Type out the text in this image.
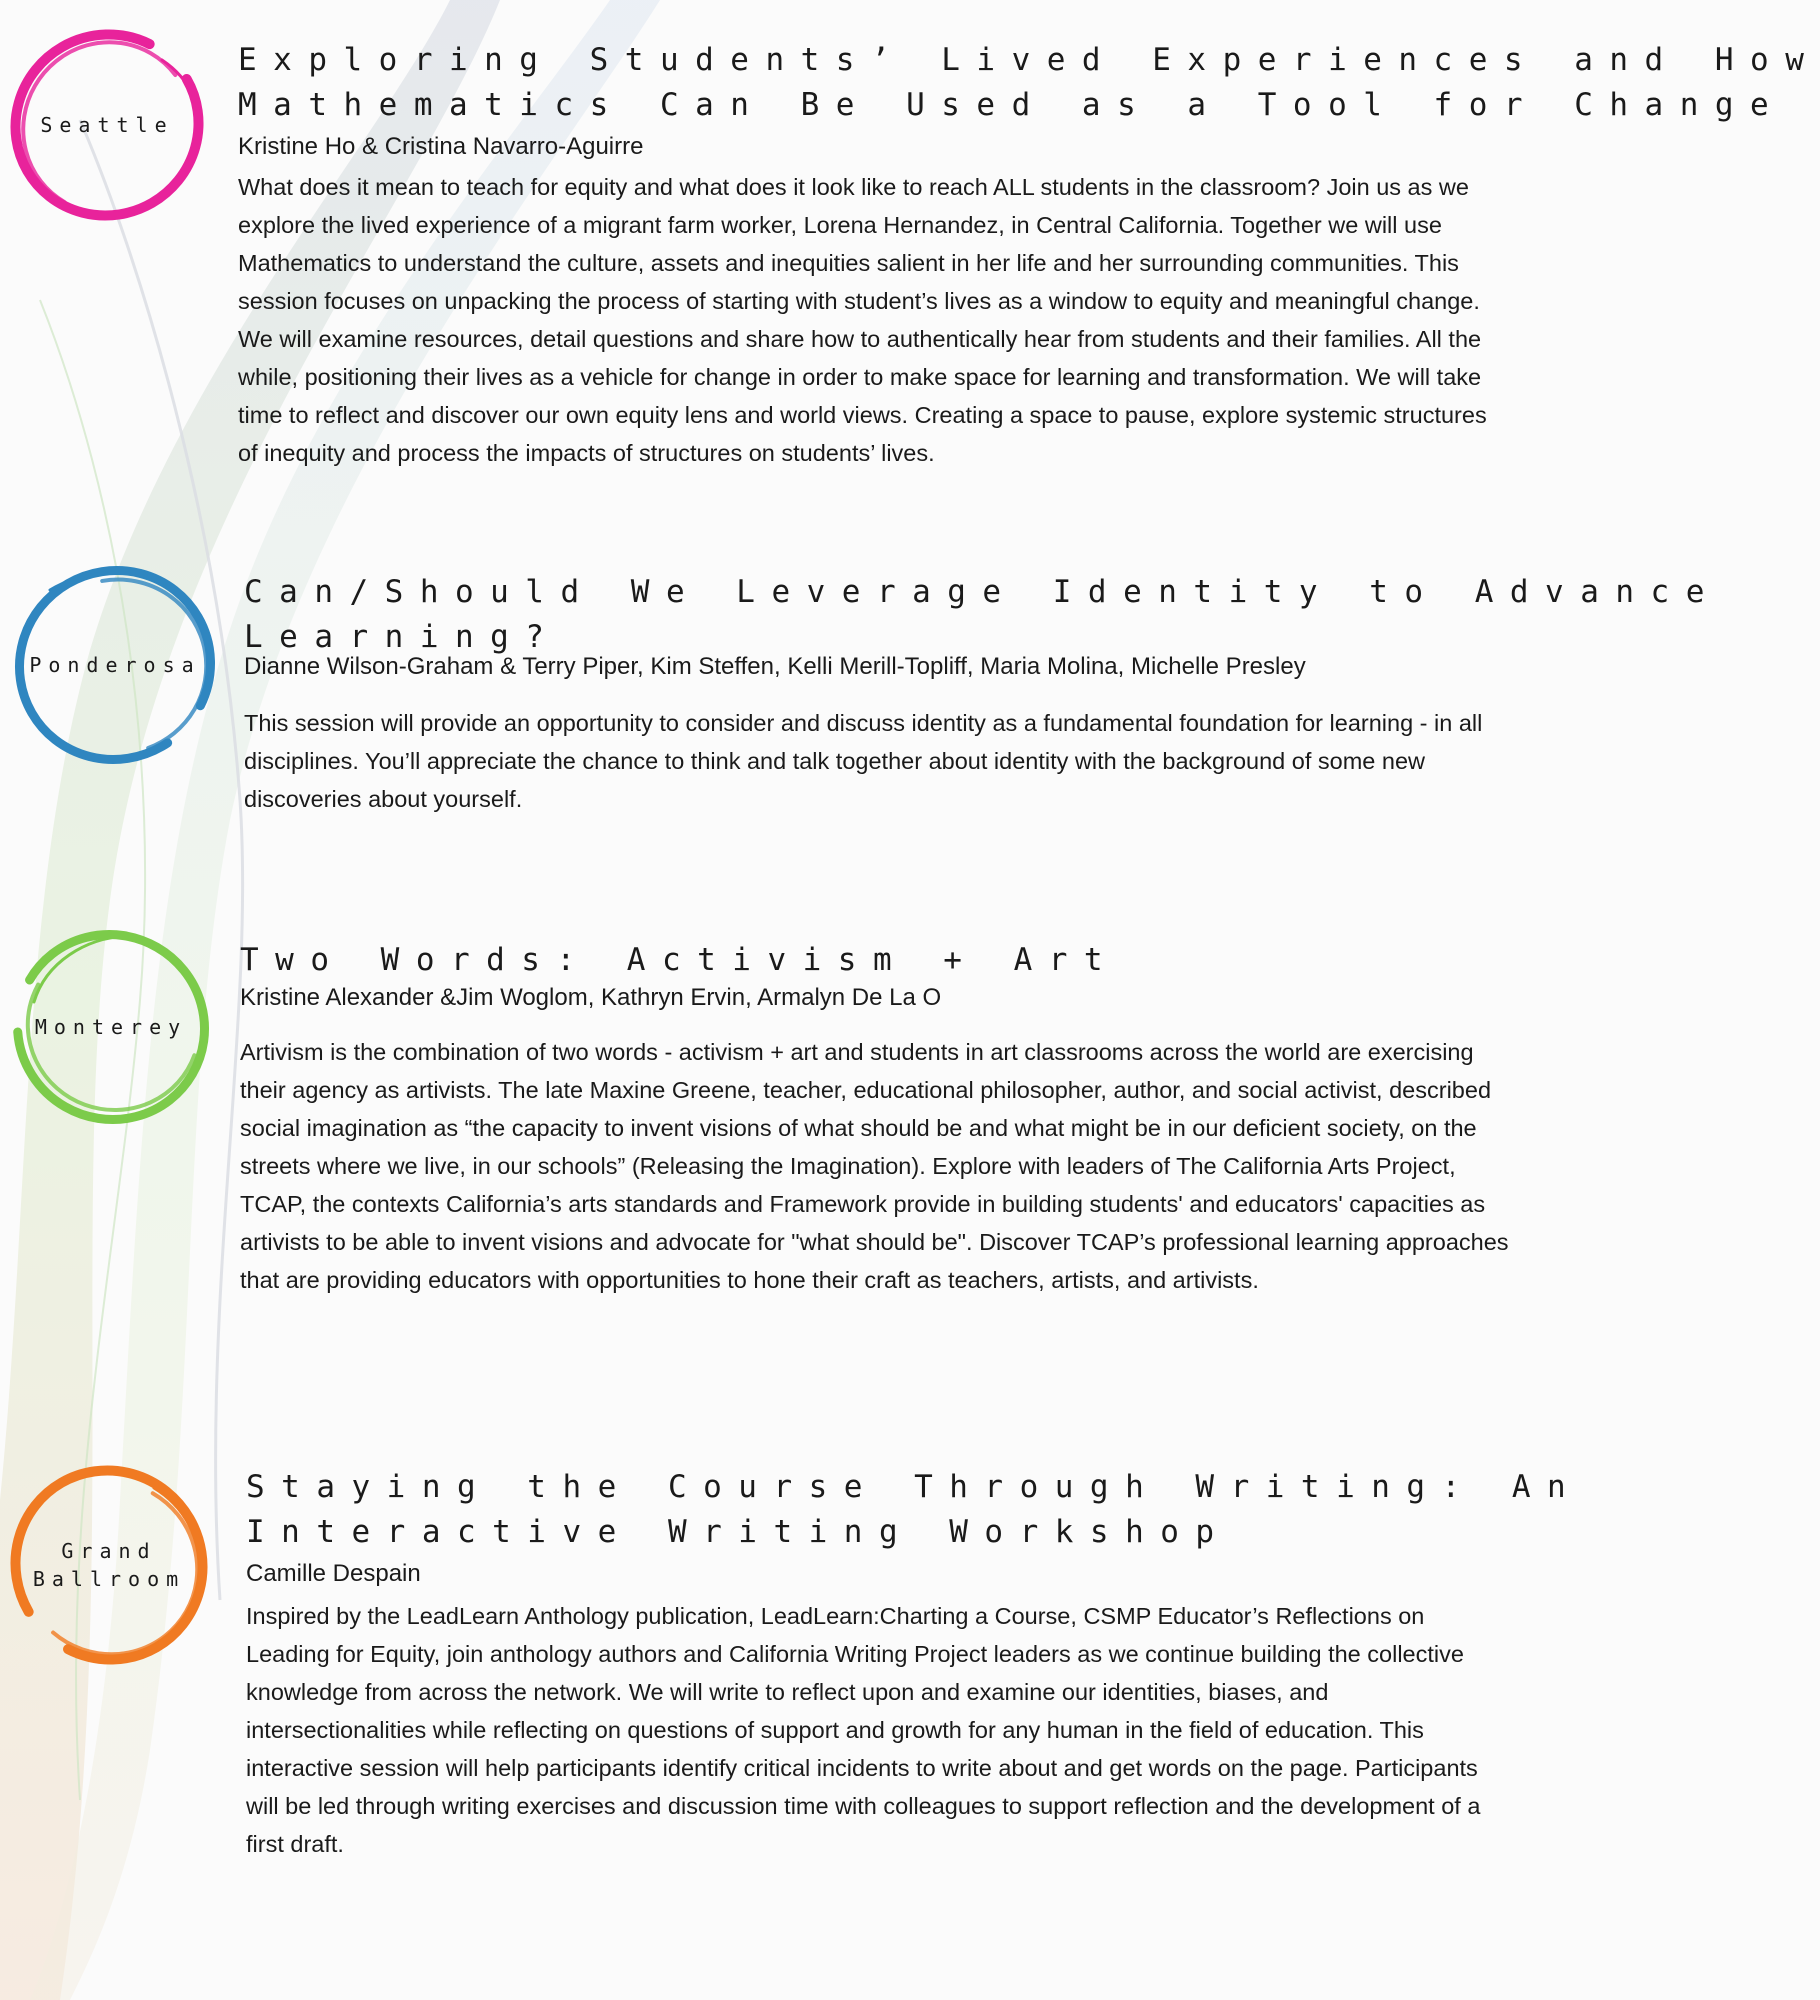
Seattle
Exploring Students’ Lived Experiences and How
Mathematics Can Be Used as a Tool for Change

Kristine Ho & Cristina Navarro-Aguirre

What does it mean to teach for equity and what does it look like to reach ALL students in the classroom? Join us as we explore the lived experience of a migrant farm worker, Lorena Hernandez, in Central California. Together we will use Mathematics to understand the culture, assets and inequities salient in her life and her surrounding communities. This session focuses on unpacking the process of starting with student’s lives as a window to equity and meaningful change. We will examine resources, detail questions and share how to authentically hear from students and their families. All the while, positioning their lives as a vehicle for change in order to make space for learning and transformation. We will take time to reflect and discover our own equity lens and world views. Creating a space to pause, explore systemic structures of inequity and process the impacts of structures on students’ lives.

Ponderosa
Can/Should We Leverage Identity to Advance
Learning?

Dianne Wilson-Graham & Terry Piper, Kim Steffen, Kelli Merill-Topliff, Maria Molina, Michelle Presley

This session will provide an opportunity to consider and discuss identity as a fundamental foundation for learning - in all disciplines. You’ll appreciate the chance to think and talk together about identity with the background of some new discoveries about yourself.

Monterey
Two Words: Activism + Art

Kristine Alexander &Jim Woglom, Kathryn Ervin, Armalyn De La O

Artivism is the combination of two words - activism + art and students in art classrooms across the world are exercising their agency as artivists. The late Maxine Greene, teacher, educational philosopher, author, and social activist, described social imagination as “the capacity to invent visions of what should be and what might be in our deficient society, on the streets where we live, in our schools” (Releasing the Imagination). Explore with leaders of The California Arts Project, TCAP, the contexts California’s arts standards and Framework provide in building students' and educators' capacities as artivists to be able to invent visions and advocate for "what should be". Discover TCAP’s professional learning approaches that are providing educators with opportunities to hone their craft as teachers, artists, and artivists.

Grand
Ballroom
Staying the Course Through Writing: An
Interactive Writing Workshop

Camille Despain

Inspired by the LeadLearn Anthology publication, LeadLearn:Charting a Course, CSMP Educator’s Reflections on Leading for Equity, join anthology authors and California Writing Project leaders as we continue building the collective knowledge from across the network. We will write to reflect upon and examine our identities, biases, and intersectionalities while reflecting on questions of support and growth for any human in the field of education. This interactive session will help participants identify critical incidents to write about and get words on the page. Participants will be led through writing exercises and discussion time with colleagues to support reflection and the development of a first draft.
